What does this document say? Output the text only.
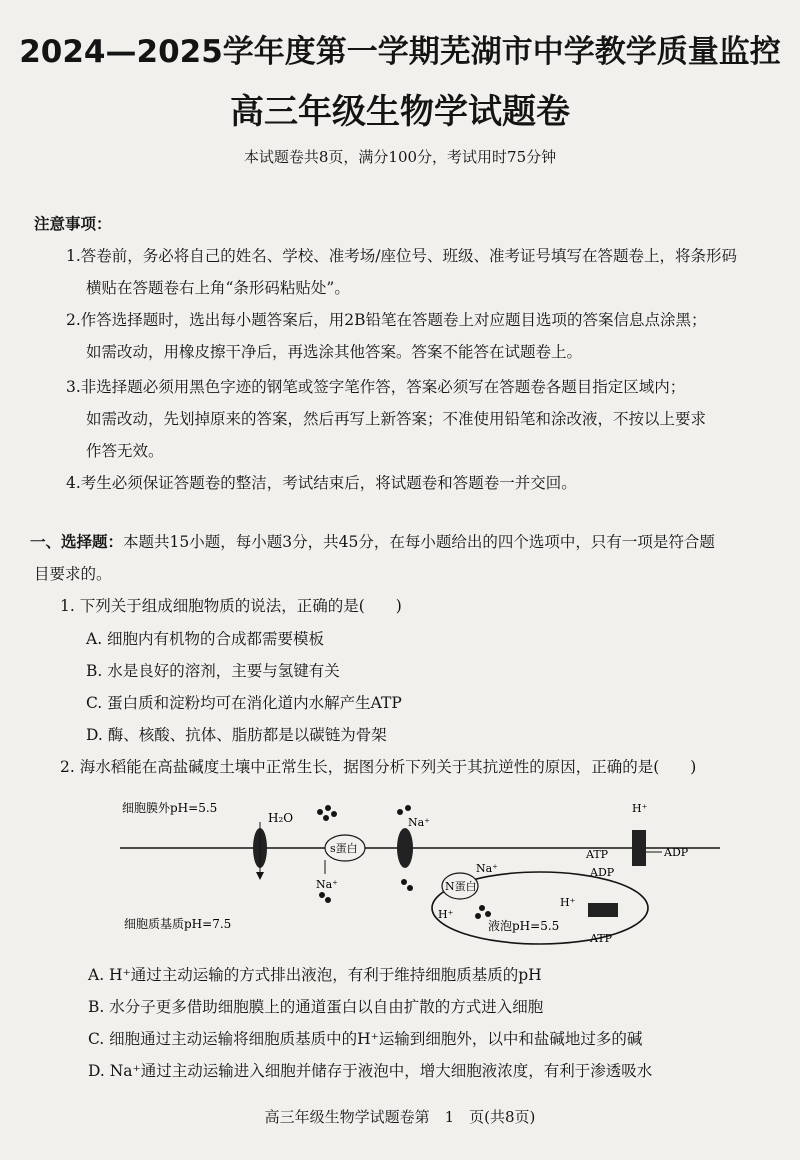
2024—2025学年度第一学期芜湖市中学教学质量监控
高三年级生物学试题卷
本试题卷共8页，满分100分，考试用时75分钟
注意事项：
1.答卷前，务必将自己的姓名、学校、准考场/座位号、班级、准考证号填写在答题卷上，将条形码
横贴在答题卷右上角“条形码粘贴处”。
2.作答选择题时，选出每小题答案后，用2B铅笔在答题卷上对应题目选项的答案信息点涂黑；
如需改动，用橡皮擦干净后，再选涂其他答案。答案不能答在试题卷上。
3.非选择题必须用黑色字迹的钢笔或签字笔作答，答案必须写在答题卷各题目指定区域内；
如需改动，先划掉原来的答案，然后再写上新答案；不准使用铅笔和涂改液，不按以上要求
作答无效。
4.考生必须保证答题卷的整洁，考试结束后，将试题卷和答题卷一并交回。
一、选择题：本题共15小题，每小题3分，共45分，在每小题给出的四个选项中，只有一项是符合题
目要求的。
1. 下列关于组成细胞物质的说法，正确的是(　　)
A. 细胞内有机物的合成都需要模板
B. 水是良好的溶剂，主要与氢键有关
C. 蛋白质和淀粉均可在消化道内水解产生ATP
D. 酶、核酸、抗体、脂肪都是以碳链为骨架
2. 海水稻能在高盐碱度土壤中正常生长，据图分析下列关于其抗逆性的原因，正确的是(　　)
细胞膜外pH=5.5
细胞质基质pH=7.5
H₂O
s蛋白
Na⁺
Na⁺
液泡pH=5.5
N蛋白
Na⁺
H⁺
H⁺
ADP
ATP
H⁺
ATP	ADP
A. H⁺通过主动运输的方式排出液泡，有利于维持细胞质基质的pH
B. 水分子更多借助细胞膜上的通道蛋白以自由扩散的方式进入细胞
C. 细胞通过主动运输将细胞质基质中的H⁺运输到细胞外，以中和盐碱地过多的碱
D. Na⁺通过主动运输进入细胞并储存于液泡中，增大细胞液浓度，有利于渗透吸水
高三年级生物学试题卷第　1　页(共8页)
